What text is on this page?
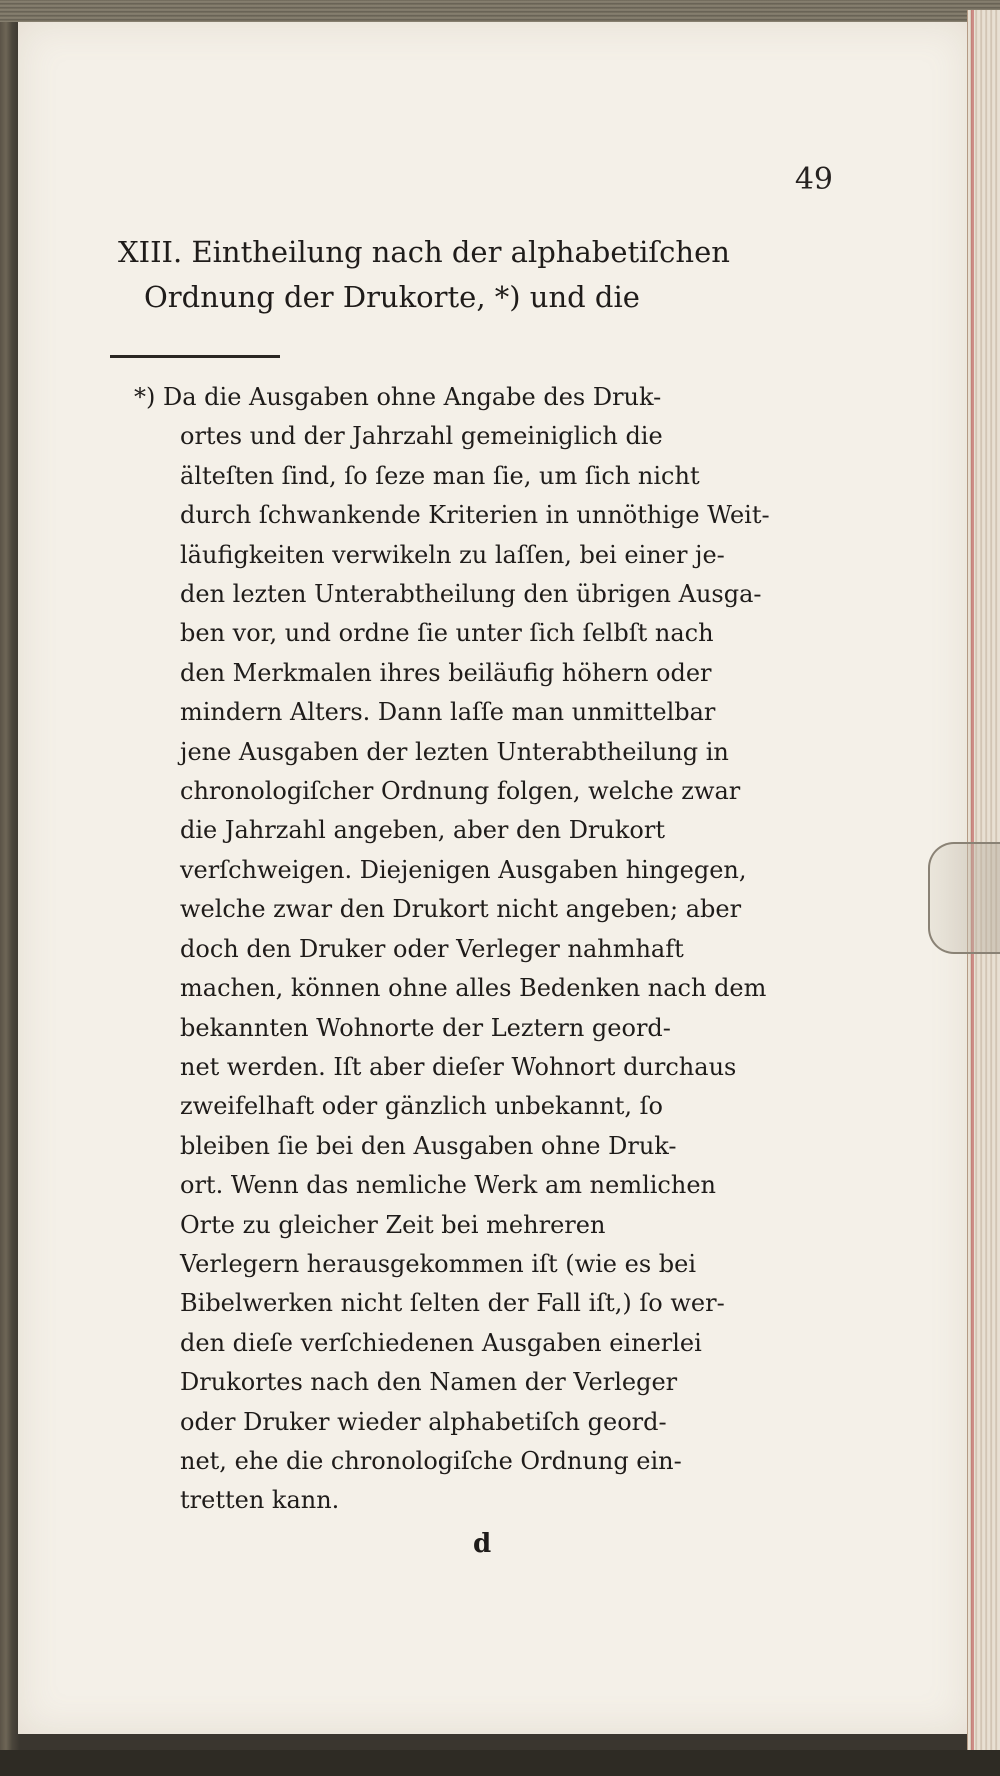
49
XIII. Eintheilung nach der alphabetiſchen
Ordnung der Drukorte, *) und die

*) Da die Ausgaben ohne Angabe des Druk-
ortes und der Jahrzahl gemeiniglich die
älteſten ſind, ſo ſeze man ſie, um ſich nicht
durch ſchwankende Kriterien in unnöthige Weit-
läufigkeiten verwikeln zu laſſen, bei einer je-
den lezten Unterabtheilung den übrigen Ausga-
ben vor, und ordne ſie unter ſich ſelbſt nach
den Merkmalen ihres beiläufig höhern oder
mindern Alters. Dann laſſe man unmittelbar
jene Ausgaben der lezten Unterabtheilung in
chronologiſcher Ordnung folgen, welche zwar
die Jahrzahl angeben, aber den Drukort
verſchweigen. Diejenigen Ausgaben hingegen,
welche zwar den Drukort nicht angeben; aber
doch den Druker oder Verleger nahmhaft
machen, können ohne alles Bedenken nach dem
bekannten Wohnorte der Leztern geord-
net werden. Iſt aber dieſer Wohnort durchaus
zweifelhaft oder gänzlich unbekannt, ſo
bleiben ſie bei den Ausgaben ohne Druk-
ort. Wenn das nemliche Werk am nemlichen
Orte zu gleicher Zeit bei mehreren
Verlegern herausgekommen iſt (wie es bei
Bibelwerken nicht ſelten der Fall iſt,) ſo wer-
den dieſe verſchiedenen Ausgaben einerlei
Drukortes nach den Namen der Verleger
oder Druker wieder alphabetiſch geord-
net, ehe die chronologiſche Ordnung ein-
tretten kann.

d
